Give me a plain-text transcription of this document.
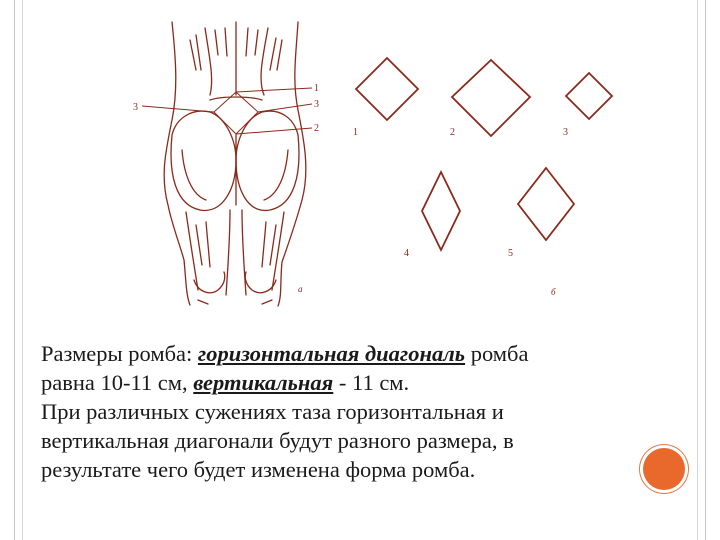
1
3
2
3
а
1	2	3
4	5
б

Размеры ромба: горизонтальная диагональ ромба

равна 10-11 см, вертикальная - 11 см.

При различных сужениях таза горизонтальная и

вертикальная диагонали будут разного размера, в

результате чего будет изменена форма ромба.
